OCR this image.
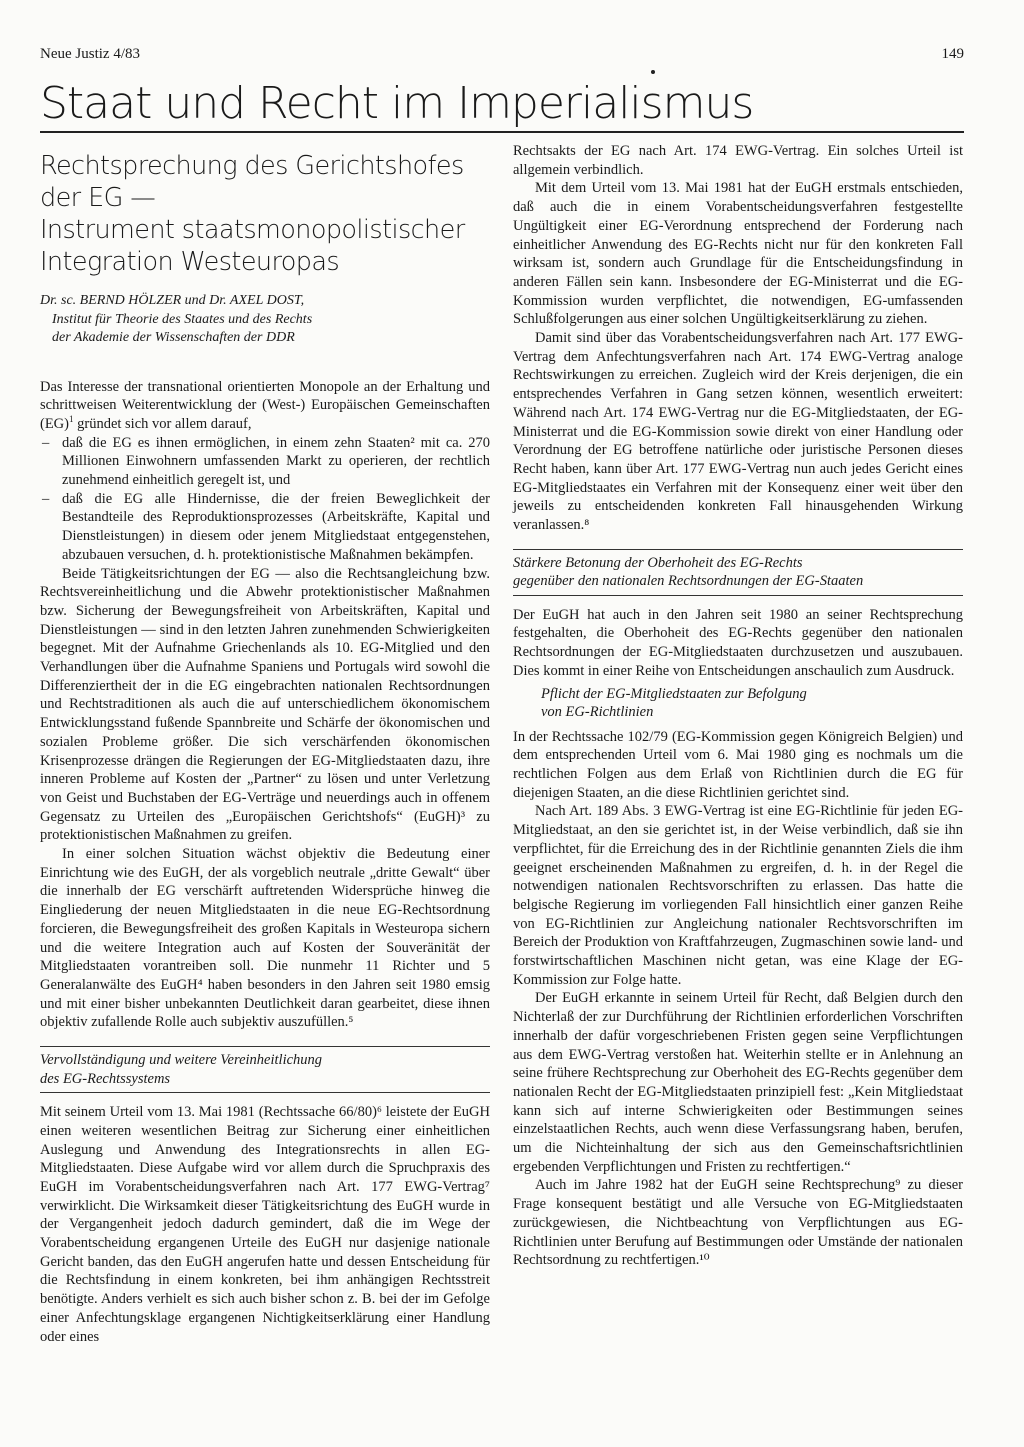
Neue Justiz 4/83	149
Staat und Recht im Imperialismus
Rechtsprechung des Gerichtshofes der EG —
Instrument staatsmonopolistischer
Integration Westeuropas
Dr. sc. BERND HÖLZER und Dr. AXEL DOST,
Institut für Theorie des Staates und des Rechts
der Akademie der Wissenschaften der DDR

Das Interesse der transnational orientierten Monopole an der Erhaltung und schrittweisen Weiterentwicklung der (West-) Europäischen Gemeinschaften (EG)$^1$ gründet sich vor allem darauf,

– daß die EG es ihnen ermöglichen, in einem zehn Staaten² mit ca. 270 Millionen Einwohnern umfassenden Markt zu operieren, der rechtlich zunehmend einheitlich geregelt ist, und
– daß die EG alle Hindernisse, die der freien Beweglichkeit der Bestandteile des Reproduktionsprozesses (Arbeitskräfte, Kapital und Dienstleistungen) in diesem oder jenem Mitgliedstaat entgegenstehen, abzubauen versuchen, d. h. protektionistische Maßnahmen bekämpfen.

Beide Tätigkeitsrichtungen der EG — also die Rechtsangleichung bzw. Rechtsvereinheitlichung und die Abwehr protektionistischer Maßnahmen bzw. Sicherung der Bewegungsfreiheit von Arbeitskräften, Kapital und Dienstleistungen — sind in den letzten Jahren zunehmenden Schwierigkeiten begegnet. Mit der Aufnahme Griechenlands als 10. EG-Mitglied und den Verhandlungen über die Aufnahme Spaniens und Portugals wird sowohl die Differenziertheit der in die EG eingebrachten nationalen Rechtsordnungen und Rechtstraditionen als auch die auf unterschiedlichem ökonomischem Entwicklungsstand fußende Spannbreite und Schärfe der ökonomischen und sozialen Probleme größer. Die sich verschärfenden ökonomischen Krisenprozesse drängen die Regierungen der EG-Mitgliedstaaten dazu, ihre inneren Probleme auf Kosten der „Partner“ zu lösen und unter Verletzung von Geist und Buchstaben der EG-Verträge und neuerdings auch in offenem Gegensatz zu Urteilen des „Europäischen Gerichtshofs“ (EuGH)³ zu protektionistischen Maßnahmen zu greifen.

In einer solchen Situation wächst objektiv die Bedeutung einer Einrichtung wie des EuGH, der als vorgeblich neutrale „dritte Gewalt“ über die innerhalb der EG verschärft auftretenden Widersprüche hinweg die Eingliederung der neuen Mitgliedstaaten in die neue EG-Rechtsordnung forcieren, die Bewegungsfreiheit des großen Kapitals in Westeuropa sichern und die weitere Integration auch auf Kosten der Souveränität der Mitgliedstaaten vorantreiben soll. Die nunmehr 11 Richter und 5 Generalanwälte des EuGH⁴ haben besonders in den Jahren seit 1980 emsig und mit einer bisher unbekannten Deutlichkeit daran gearbeitet, diese ihnen objektiv zufallende Rolle auch subjektiv auszufüllen.⁵

Vervollständigung und weitere Vereinheitlichung
des EG-Rechtssystems

Mit seinem Urteil vom 13. Mai 1981 (Rechtssache 66/80)⁶ leistete der EuGH einen weiteren wesentlichen Beitrag zur Sicherung einer einheitlichen Auslegung und Anwendung des Integrationsrechts in allen EG-Mitgliedstaaten. Diese Aufgabe wird vor allem durch die Spruchpraxis des EuGH im Vorabentscheidungsverfahren nach Art. 177 EWG-Vertrag⁷ verwirklicht. Die Wirksamkeit dieser Tätigkeitsrichtung des EuGH wurde in der Vergangenheit jedoch dadurch gemindert, daß die im Wege der Vorabentscheidung ergangenen Urteile des EuGH nur dasjenige nationale Gericht banden, das den EuGH angerufen hatte und dessen Entscheidung für die Rechtsfindung in einem konkreten, bei ihm anhängigen Rechtsstreit benötigte. Anders verhielt es sich auch bisher schon z. B. bei der im Gefolge einer Anfechtungsklage ergangenen Nichtigkeitserklärung einer Handlung oder eines

Rechtsakts der EG nach Art. 174 EWG-Vertrag. Ein solches Urteil ist allgemein verbindlich.

Mit dem Urteil vom 13. Mai 1981 hat der EuGH erstmals entschieden, daß auch die in einem Vorabentscheidungsverfahren festgestellte Ungültigkeit einer EG-Verordnung entsprechend der Forderung nach einheitlicher Anwendung des EG-Rechts nicht nur für den konkreten Fall wirksam ist, sondern auch Grundlage für die Entscheidungsfindung in anderen Fällen sein kann. Insbesondere der EG-Ministerrat und die EG-Kommission wurden verpflichtet, die notwendigen, EG-umfassenden Schlußfolgerungen aus einer solchen Ungültigkeitserklärung zu ziehen.

Damit sind über das Vorabentscheidungsverfahren nach Art. 177 EWG-Vertrag dem Anfechtungsverfahren nach Art. 174 EWG-Vertrag analoge Rechtswirkungen zu erreichen. Zugleich wird der Kreis derjenigen, die ein entsprechendes Verfahren in Gang setzen können, wesentlich erweitert: Während nach Art. 174 EWG-Vertrag nur die EG-Mitgliedstaaten, der EG-Ministerrat und die EG-Kommission sowie direkt von einer Handlung oder Verordnung der EG betroffene natürliche oder juristische Personen dieses Recht haben, kann über Art. 177 EWG-Vertrag nun auch jedes Gericht eines EG-Mitgliedstaates ein Verfahren mit der Konsequenz einer weit über den jeweils zu entscheidenden konkreten Fall hinausgehenden Wirkung veranlassen.⁸

Stärkere Betonung der Oberhoheit des EG-Rechts
gegenüber den nationalen Rechtsordnungen der EG-Staaten

Der EuGH hat auch in den Jahren seit 1980 an seiner Rechtsprechung festgehalten, die Oberhoheit des EG-Rechts gegenüber den nationalen Rechtsordnungen der EG-Mitgliedstaaten durchzusetzen und auszubauen. Dies kommt in einer Reihe von Entscheidungen anschaulich zum Ausdruck.

Pflicht der EG-Mitgliedstaaten zur Befolgung
von EG-Richtlinien

In der Rechtssache 102/79 (EG-Kommission gegen Königreich Belgien) und dem entsprechenden Urteil vom 6. Mai 1980 ging es nochmals um die rechtlichen Folgen aus dem Erlaß von Richtlinien durch die EG für diejenigen Staaten, an die diese Richtlinien gerichtet sind.

Nach Art. 189 Abs. 3 EWG-Vertrag ist eine EG-Richtlinie für jeden EG-Mitgliedstaat, an den sie gerichtet ist, in der Weise verbindlich, daß sie ihn verpflichtet, für die Erreichung des in der Richtlinie genannten Ziels die ihm geeignet erscheinenden Maßnahmen zu ergreifen, d. h. in der Regel die notwendigen nationalen Rechtsvorschriften zu erlassen. Das hatte die belgische Regierung im vorliegenden Fall hinsichtlich einer ganzen Reihe von EG-Richtlinien zur Angleichung nationaler Rechtsvorschriften im Bereich der Produktion von Kraftfahrzeugen, Zugmaschinen sowie land- und forstwirtschaftlichen Maschinen nicht getan, was eine Klage der EG-Kommission zur Folge hatte.

Der EuGH erkannte in seinem Urteil für Recht, daß Belgien durch den Nichterlaß der zur Durchführung der Richtlinien erforderlichen Vorschriften innerhalb der dafür vorgeschriebenen Fristen gegen seine Verpflichtungen aus dem EWG-Vertrag verstoßen hat. Weiterhin stellte er in Anlehnung an seine frühere Rechtsprechung zur Oberhoheit des EG-Rechts gegenüber dem nationalen Recht der EG-Mitgliedstaaten prinzipiell fest: „Kein Mitgliedstaat kann sich auf interne Schwierigkeiten oder Bestimmungen seines einzelstaatlichen Rechts, auch wenn diese Verfassungsrang haben, berufen, um die Nichteinhaltung der sich aus den Gemeinschaftsrichtlinien ergebenden Verpflichtungen und Fristen zu rechtfertigen.“

Auch im Jahre 1982 hat der EuGH seine Rechtsprechung⁹ zu dieser Frage konsequent bestätigt und alle Versuche von EG-Mitgliedstaaten zurückgewiesen, die Nichtbeachtung von Verpflichtungen aus EG-Richtlinien unter Berufung auf Bestimmungen oder Umstände der nationalen Rechtsordnung zu rechtfertigen.¹⁰
